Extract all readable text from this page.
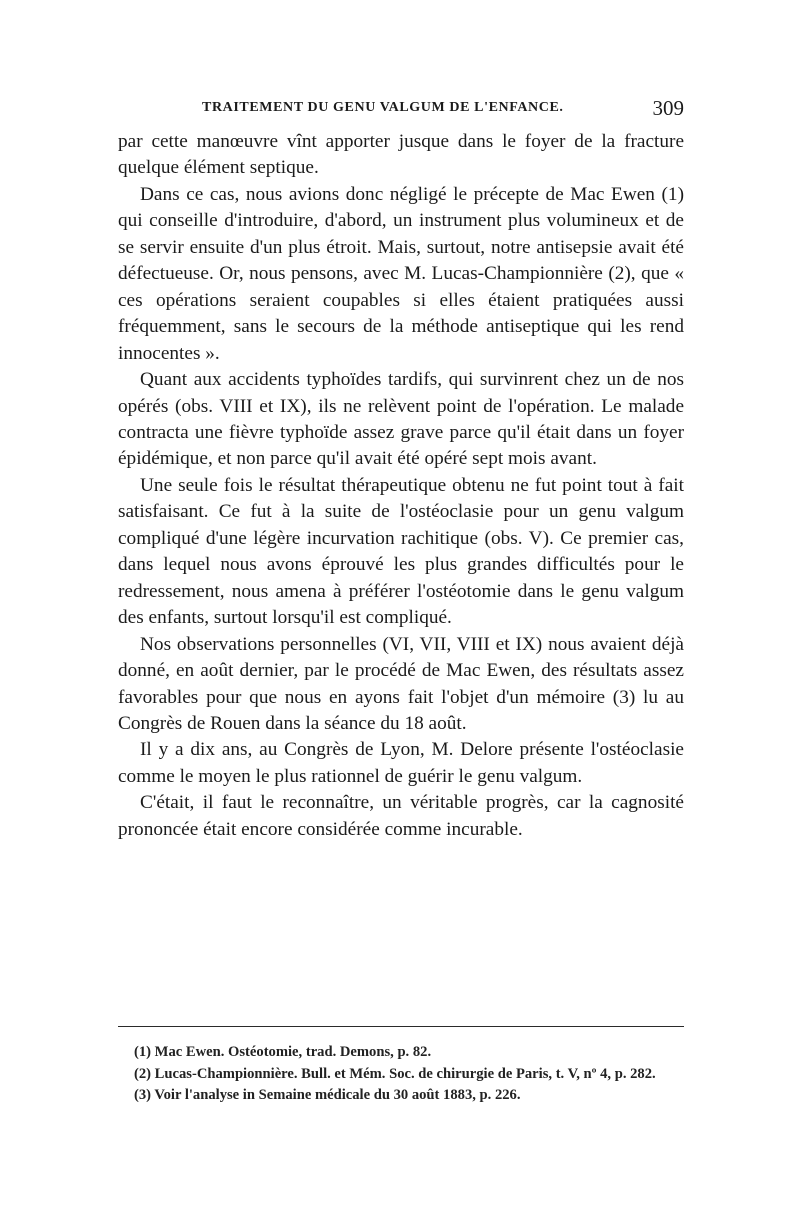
TRAITEMENT DU GENU VALGUM DE L'ENFANCE.	309

par cette manœuvre vînt apporter jusque dans le foyer de la fracture quelque élément septique.

Dans ce cas, nous avions donc négligé le précepte de Mac Ewen (1) qui conseille d'introduire, d'abord, un instrument plus volumineux et de se servir ensuite d'un plus étroit. Mais, surtout, notre antisepsie avait été défectueuse. Or, nous pensons, avec M. Lucas-Championnière (2), que « ces opérations seraient coupables si elles étaient pratiquées aussi fréquemment, sans le secours de la méthode antiseptique qui les rend innocentes ».

Quant aux accidents typhoïdes tardifs, qui survinrent chez un de nos opérés (obs. VIII et IX), ils ne relèvent point de l'opération. Le malade contracta une fièvre typhoïde assez grave parce qu'il était dans un foyer épidémique, et non parce qu'il avait été opéré sept mois avant.

Une seule fois le résultat thérapeutique obtenu ne fut point tout à fait satisfaisant. Ce fut à la suite de l'ostéoclasie pour un genu valgum compliqué d'une légère incurvation rachitique (obs. V). Ce premier cas, dans lequel nous avons éprouvé les plus grandes difficultés pour le redressement, nous amena à préférer l'ostéotomie dans le genu valgum des enfants, surtout lorsqu'il est compliqué.

Nos observations personnelles (VI, VII, VIII et IX) nous avaient déjà donné, en août dernier, par le procédé de Mac Ewen, des résultats assez favorables pour que nous en ayons fait l'objet d'un mémoire (3) lu au Congrès de Rouen dans la séance du 18 août.

Il y a dix ans, au Congrès de Lyon, M. Delore présente l'ostéoclasie comme le moyen le plus rationnel de guérir le genu valgum.

C'était, il faut le reconnaître, un véritable progrès, car la cagnosité prononcée était encore considérée comme incurable.

(1) Mac Ewen. Ostéotomie, trad. Demons, p. 82.

(2) Lucas-Championnière. Bull. et Mém. Soc. de chirurgie de Paris, t. V, nº 4, p. 282.

(3) Voir l'analyse in Semaine médicale du 30 août 1883, p. 226.
